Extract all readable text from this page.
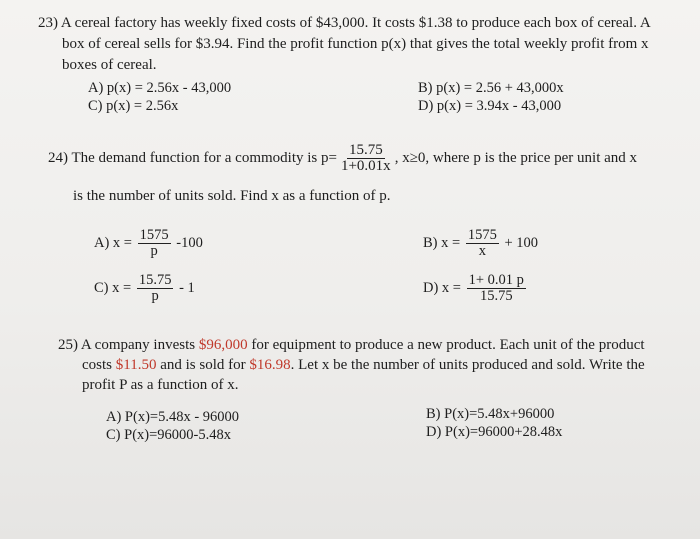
23) A cereal factory has weekly fixed costs of $43,000. It costs $1.38 to produce each box of cereal. A
box of cereal sells for $3.94. Find the profit function p(x) that gives the total weekly profit from x
boxes of cereal.
A) p(x) = 2.56x - 43,000	B) p(x) = 2.56 + 43,000x
C) p(x) = 2.56x	D) p(x) = 3.94x - 43,000
24) The demand function for a commodity is $p= \frac{15.75}{1+0.01x}$ , x≥0, where p is the price per unit and x
is the number of units sold. Find x as a function of p.
A) $x = \frac{1575}{p} -100$	B) $x = \frac{1575}{x} + 100$
C) $x = \frac{15.75}{p} - 1$	D) $x = \frac{1+ 0.01 p}{15.75}$
25) A company invests $96,000 for equipment to produce a new product. Each unit of the product
costs $11.50 and is sold for $16.98. Let x be the number of units produced and sold. Write the
profit P as a function of x.
A) P(x)=5.48x - 96000	B) P(x)=5.48x+96000
C) P(x)=96000-5.48x	D) P(x)=96000+28.48x
